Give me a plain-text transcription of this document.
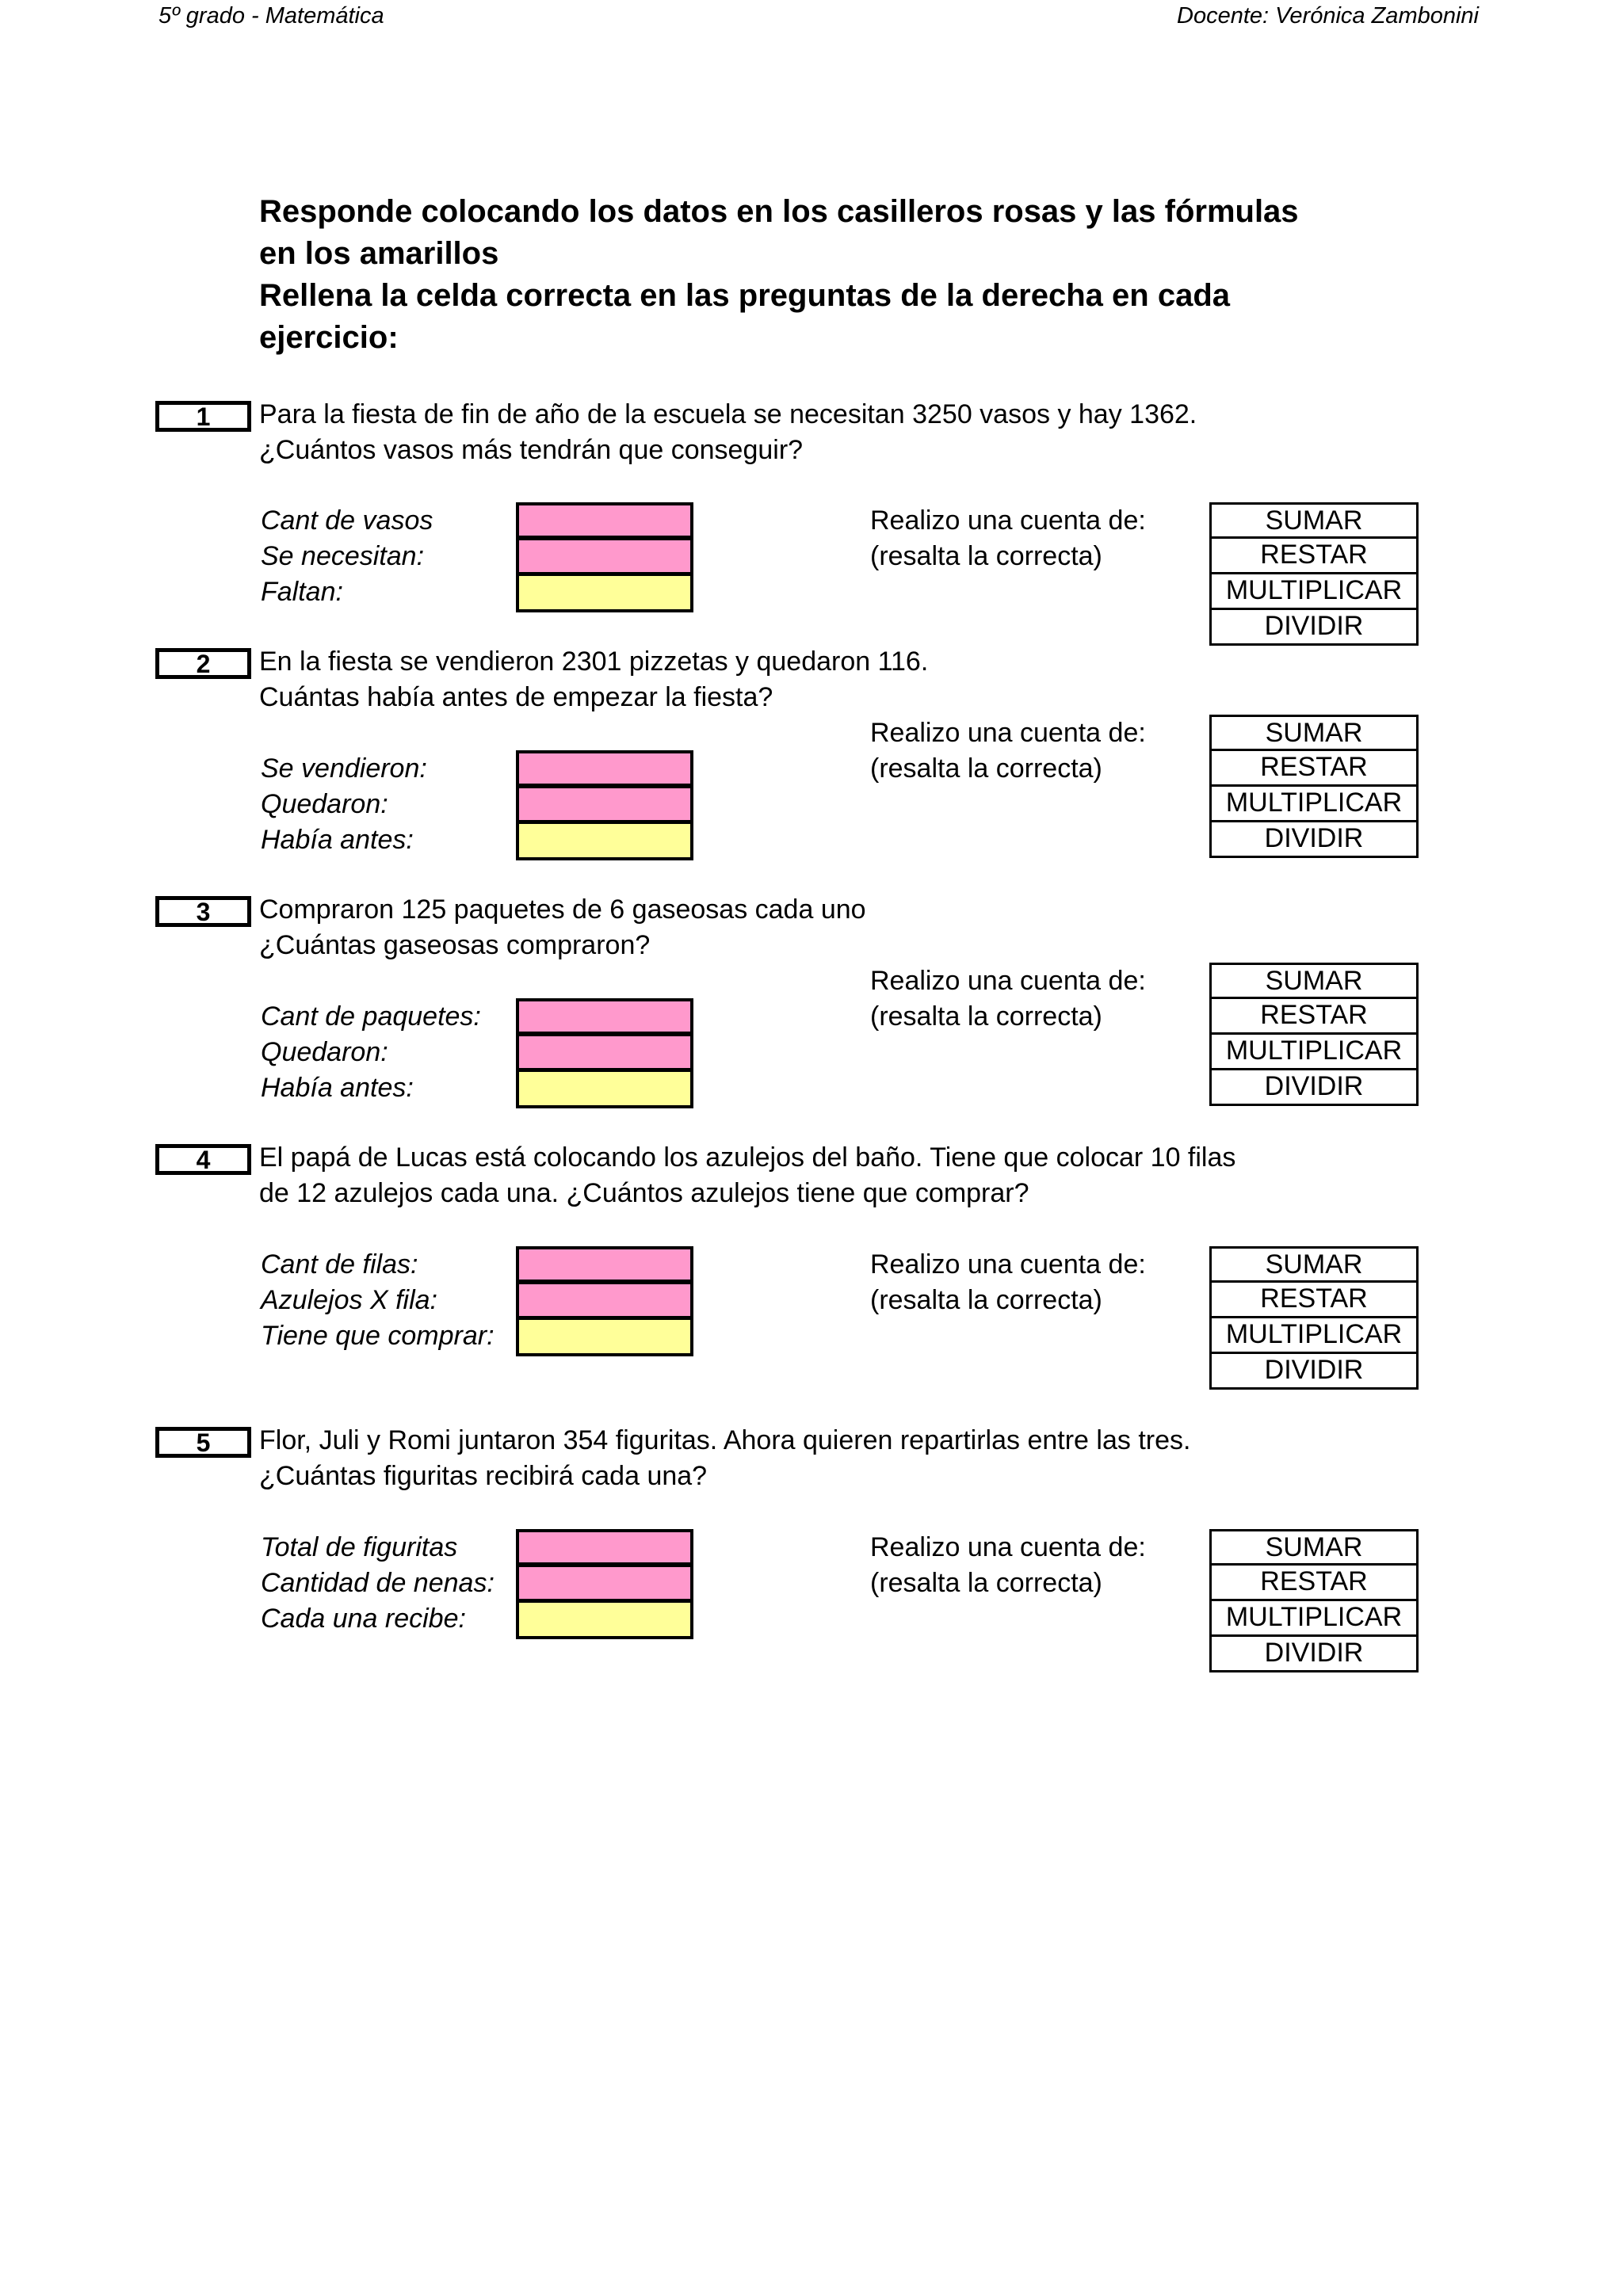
5º grado - Matemática	Docente: Verónica Zambonini
Responde colocando los datos en los casilleros rosas y las fórmulas
en los amarillos
Rellena la celda correcta en las preguntas de la derecha en cada
ejercicio:
1	Para la fiesta de fin de año de la escuela se necesitan 3250 vasos y hay 1362.
¿Cuántos vasos más tendrán que conseguir?
Cant de vasos
Se necesitan:
Faltan:
Realizo una cuenta de:
(resalta la correcta)
SUMAR
RESTAR
MULTIPLICAR
DIVIDIR
2	En la fiesta se vendieron 2301 pizzetas y quedaron 116.
Cuántas había antes de empezar la fiesta?
Realizo una cuenta de:
(resalta la correcta)
Se vendieron:
Quedaron:
Había antes:
SUMAR
RESTAR
MULTIPLICAR
DIVIDIR
3	Compraron 125 paquetes de 6 gaseosas cada uno
¿Cuántas gaseosas compraron?
Realizo una cuenta de:
(resalta la correcta)
Cant de paquetes:
Quedaron:
Había antes:
SUMAR
RESTAR
MULTIPLICAR
DIVIDIR
4	El papá de Lucas está colocando los azulejos del baño. Tiene que colocar 10 filas
de 12 azulejos cada una. ¿Cuántos azulejos tiene que comprar?
Cant de filas:
Azulejos X fila:
Tiene que comprar:
Realizo una cuenta de:
(resalta la correcta)
SUMAR
RESTAR
MULTIPLICAR
DIVIDIR
5	Flor, Juli y Romi juntaron 354 figuritas. Ahora quieren repartirlas entre las tres.
¿Cuántas figuritas recibirá cada una?
Total de figuritas
Cantidad de nenas:
Cada una recibe:
Realizo una cuenta de:
(resalta la correcta)
SUMAR
RESTAR
MULTIPLICAR
DIVIDIR
